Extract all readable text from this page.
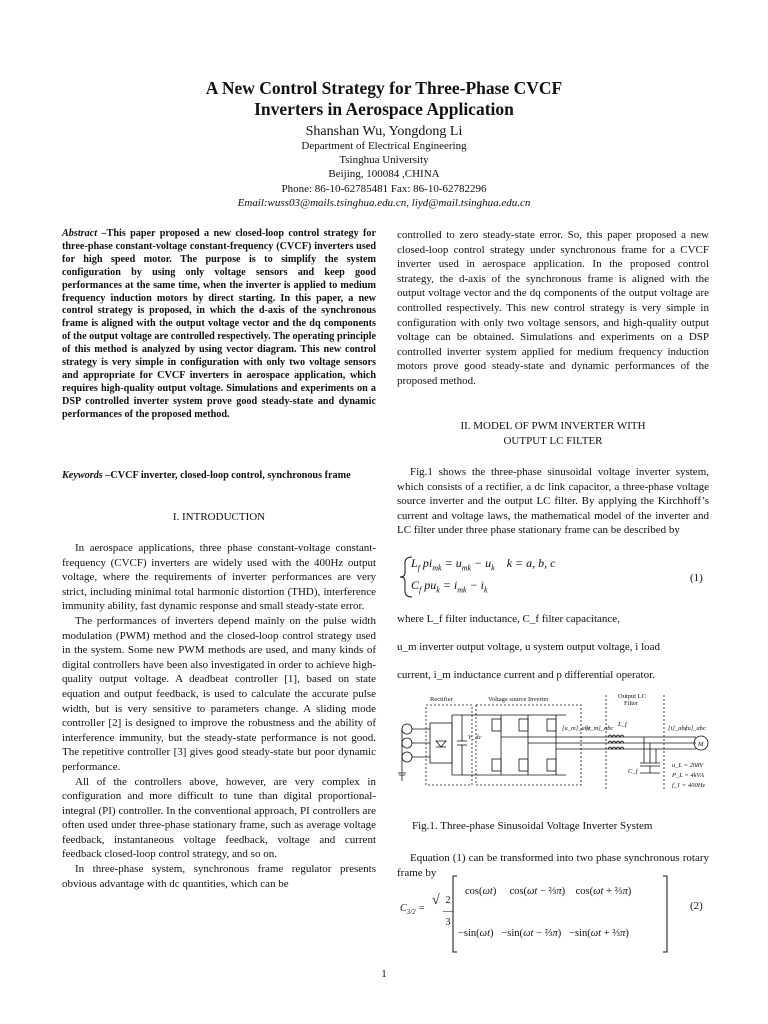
A New Control Strategy for Three-Phase CVCF
Inverters in Aerospace Application
Shanshan Wu, Yongdong Li
Department of Electrical Engineering
Tsinghua University
Beijing, 100084 ,CHINA
Phone: 86-10-62785481 Fax: 86-10-62782296
Email:wuss03@mails.tsinghua.edu.cn, liyd@mail.tsinghua.edu.cn
Abstract –This paper proposed a new closed-loop control strategy for three-phase constant-voltage constant-frequency (CVCF) inverters used for high speed motor. The purpose is to simplify the system configuration by using only voltage sensors and keep good performances at the same time, when the inverter is applied to medium frequency induction motors by direct starting. In this paper, a new control strategy is proposed, in which the d-axis of the synchronous frame is aligned with the output voltage vector and the dq components of the output voltage are controlled respectively. The operating principle of this method is analyzed by using vector diagram. This new control strategy is very simple in configuration with only two voltage sensors and appropriate for CVCF inverters in aerospace application, which requires high-quality output voltage. Simulations and experiments on a DSP controlled inverter system prove good steady-state and dynamic performances of the proposed method.
Keywords –CVCF inverter, closed-loop control, synchronous frame
I. INTRODUCTION

In aerospace applications, three phase constant-voltage constant-frequency (CVCF) inverters are widely used with the 400Hz output voltage, where the requirements of inverter performances are very strict, including minimal total harmonic distortion (THD), interference immunity ability, fast dynamic response and small steady-state error.

The performances of inverters depend mainly on the pulse width modulation (PWM) method and the closed-loop control strategy used in the system. Some new PWM methods are used, and many kinds of digital controllers have been also investigated in order to achieve high-quality output voltage. A deadbeat controller [1], based on state equation and output feedback, is used to calculate the accurate pulse width, but is very sensitive to parameters change. A sliding mode controller [2] is designed to improve the robustness and the ability of interference immunity, but the steady-state performance is not good. The repetitive controller [3] gives good steady-state but poor dynamic performance.

All of the controllers above, however, are very complex in configuration and more difficult to tune than digital proportional-integral (PI) controller. In the conventional approach, PI controllers are often used under three-phase stationary frame, such as average voltage feedback, instantaneous voltage feedback, voltage and current feedback closed-loop control strategy, and so on.

In three-phase system, synchronous frame regulator presents obvious advantage with dc quantities, which can be

controlled to zero steady-state error. So, this paper proposed a new closed-loop control strategy under synchronous frame for a CVCF inverter used in aerospace application. In the proposed control strategy, the d-axis of the synchronous frame is aligned with the output voltage vector and the dq components of the output voltage are controlled respectively. This new control strategy is very simple in configuration with only two voltage sensors, and high-quality output voltage can be obtained. Simulations and experiments on a DSP controlled inverter system applied for medium frequency induction motors prove good steady-state and dynamic performances of the proposed method.
II. MODEL OF PWM INVERTER WITH
OUTPUT LC FILTER
Fig.1 shows the three-phase sinusoidal voltage inverter system, which consists of a rectifier, a dc link capacitor, a three-phase voltage source inverter and the output LC filter. By applying the Kirchhoff’s current and voltage laws, the mathematical model of the inverter and LC filter under three phase stationary frame can be described by
$L_f$ $pi_{mk} = u_{mk} - u_k$    k = a, b, c
$C_f$ $pu_k = i_{mk} - i_k$
(1)
where L_f filter inductance, C_f filter capacitance,
u_m inverter output voltage, u system output voltage, i load
current, i_m inductance current and p differential operator.
Rectifier	Voltage source Inverter	Output LC
Filter
[u_m]_abc
[i_m]_abc
L_f
C_f
[i]_abc
[u]_abc
V_dc
M
u_L = 208V
P_L = 4kVA
f_1 = 400Hz
Fig.1. Three-phase Sinusoidal Voltage Inverter System
Equation (1) can be transformed into two phase synchronous rotary frame by
$C_{3/2}$ =
√ 2
—
3
cos(ωt)     cos(ωt − ⅔π)    cos(ωt + ⅔π)
−sin(ωt)   −sin(ωt − ⅔π)   −sin(ωt + ⅔π)
(2)
1
